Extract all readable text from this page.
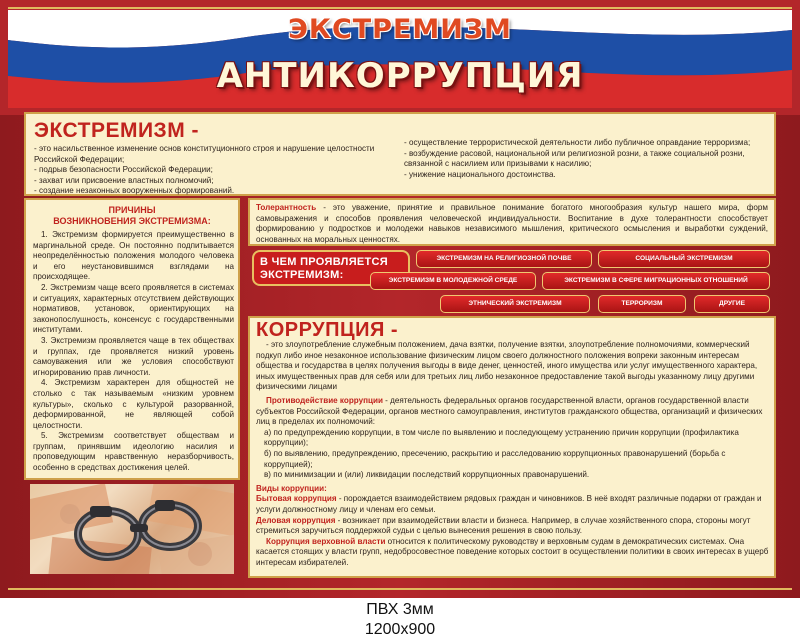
ЭКСТРЕМИЗМ
АНТИКОРРУПЦИЯ
ЭКСТРЕМИЗМ -

- это насильственное изменение основ конституционного строя и нарушение целостности Российской Федерации;

- подрыв безопасности Российской Федерации;

- захват или присвоение властных полномочий;

- создание незаконных вооруженных формирований.

- осуществление террористической деятельности либо публичное оправдание терроризма;

- возбуждение расовой, национальной или религиозной розни, а также социальной розни, связанной с насилием или призывами к насилию;

- унижение национального достоинства.

ПРИЧИНЫ
ВОЗНИКНОВЕНИЯ ЭКСТРЕМИЗМА:

1. Экстремизм формируется преимущественно в маргинальной среде. Он постоянно подпитывается неопределённостью положения молодого человека и его неустановившимся взглядами на происходящее.

2. Экстремизм чаще всего проявляется в системах и ситуациях, характерных отсутствием действующих нормативов, установок, ориентирующих на законопослушность, консенсус с государственными институтами.

3. Экстремизм проявляется чаще в тех обществах и группах, где проявляется низкий уровень самоуважения или же условия способствуют игнорированию прав личности.

4. Экстремизм характерен для общностей не столько с так называемым «низким уровнем культуры», сколько с культурой разорванной, деформированной, не являющей собой целостности.

5. Экстремизм соответствует обществам и группам, принявшим идеологию насилия и проповедующим нравственную неразборчивость, особенно в средствах достижения целей.

Толерантность - это уважение, принятие и правильное понимание богатого многообразия культур нашего мира, форм самовыражения и способов проявления человеческой индивидуальности. Воспитание в духе толерантности способствует формированию у подростков и молодежи навыков независимого мышления, критического осмысления и выработки суждений, основанных на моральных ценностях.

В ЧЕМ ПРОЯВЛЯЕТСЯ
ЭКСТРЕМИЗМ:
ЭКСТРЕМИЗМ НА РЕЛИГИОЗНОЙ ПОЧВЕ	СОЦИАЛЬНЫЙ ЭКСТРЕМИЗМ
ЭКСТРЕМИЗМ В МОЛОДЕЖНОЙ СРЕДЕ	ЭКСТРЕМИЗМ В СФЕРЕ МИГРАЦИОННЫХ ОТНОШЕНИЙ
ЭТНИЧЕСКИЙ ЭКСТРЕМИЗМ	ТЕРРОРИЗМ	ДРУГИЕ
КОРРУПЦИЯ -

- это злоупотребление служебным положением, дача взятки, получение взятки, злоупотребление полномочиями, коммерческий подкуп либо иное незаконное использование физическим лицом своего должностного положения вопреки законным интересам общества и государства в целях получения выгоды в виде денег, ценностей, иного имущества или услуг имущественного характера, иных имущественных прав для себя или для третьих лиц либо незаконное предоставление такой выгоды указанному лицу другими физическими лицами

Противодействие коррупции - деятельность федеральных органов государственной власти, органов государственной власти субъектов Российской Федерации, органов местного самоуправления, институтов гражданского общества, организаций и физических лиц в пределах их полномочий:

а) по предупреждению коррупции, в том числе по выявлению и последующему устранению причин коррупции (профилактика коррупции);

б) по выявлению, предупреждению, пресечению, раскрытию и расследованию коррупционных правонарушений (борьба с коррупцией);

в) по минимизации и (или) ликвидации последствий коррупционных правонарушений.

Виды коррупции:

Бытовая коррупция - порождается взаимодействием рядовых граждан и чиновников. В неё входят различные подарки от граждан и услуги должностному лицу и членам его семьи.

Деловая коррупция - возникает при взаимодействии власти и бизнеса. Например, в случае хозяйственного спора, стороны могут стремиться заручиться поддержкой судьи с целью вынесения решения в свою пользу.

Коррупция верховной власти относится к политическому руководству и верховным судам в демократических системах. Она касается стоящих у власти групп, недобросовестное поведение которых состоит в осуществлении политики в своих интересах в ущерб интересам избирателей.

ПВХ 3мм
1200х900
